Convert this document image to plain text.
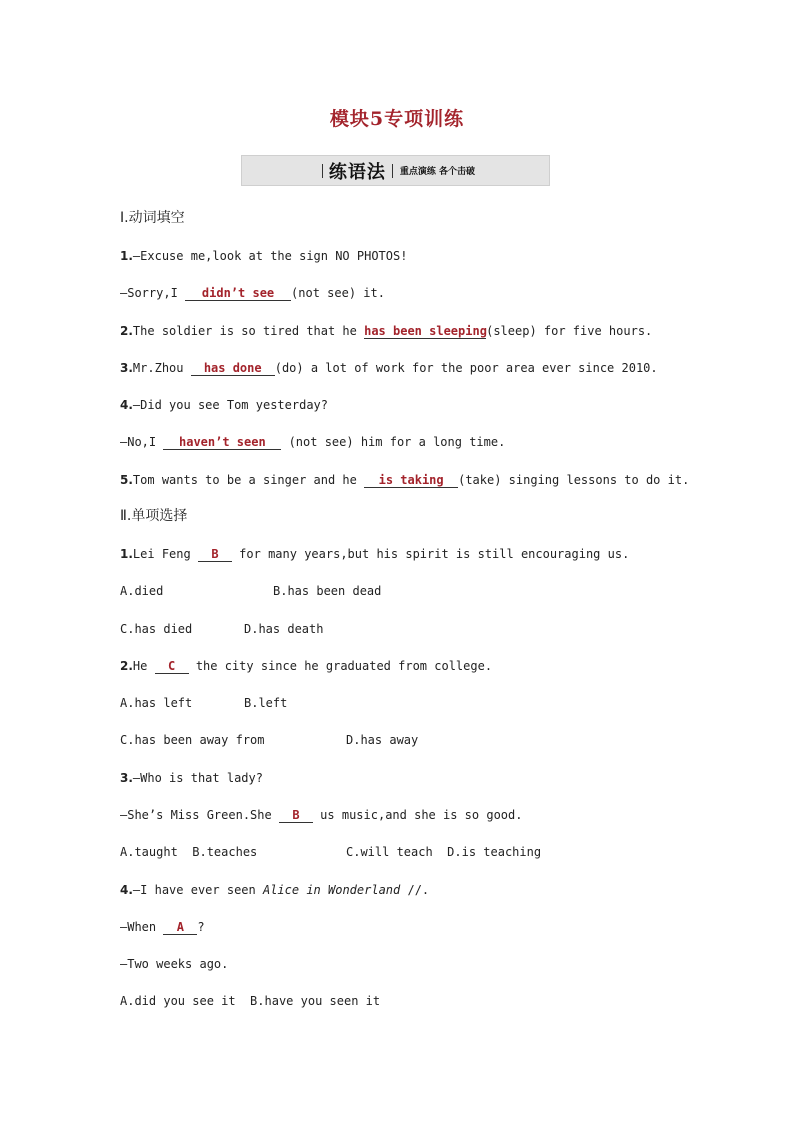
模块5专项训练
练语法 重点演练 各个击破
Ⅰ.动词填空
1.—Excuse me,look at the sign NO PHOTOS!
—Sorry,I didn’t see (not see) it.
2.The soldier is so tired that he has been sleeping(sleep) for five hours.
3.Mr.Zhou has done (do) a lot of work for the poor area ever since 2010.
4.—Did you see Tom yesterday?
—No,I haven’t seen (not see) him for a long time.
5.Tom wants to be a singer and he is taking (take) singing lessons to do it.
Ⅱ.单项选择
1.Lei Feng B for many years,but his spirit is still encouraging us.
A.died	B.has been dead
C.has died	D.has death
2.He C the city since he graduated from college.
A.has left	B.left
C.has been away from	D.has away
3.—Who is that lady?
—She’s Miss Green.She B us music,and she is so good.
A.taught  B.teaches	C.will teach  D.is teaching
4.—I have ever seen Alice in Wonderland //.
—When A ?
—Two weeks ago.
A.did you see it  B.have you seen it
